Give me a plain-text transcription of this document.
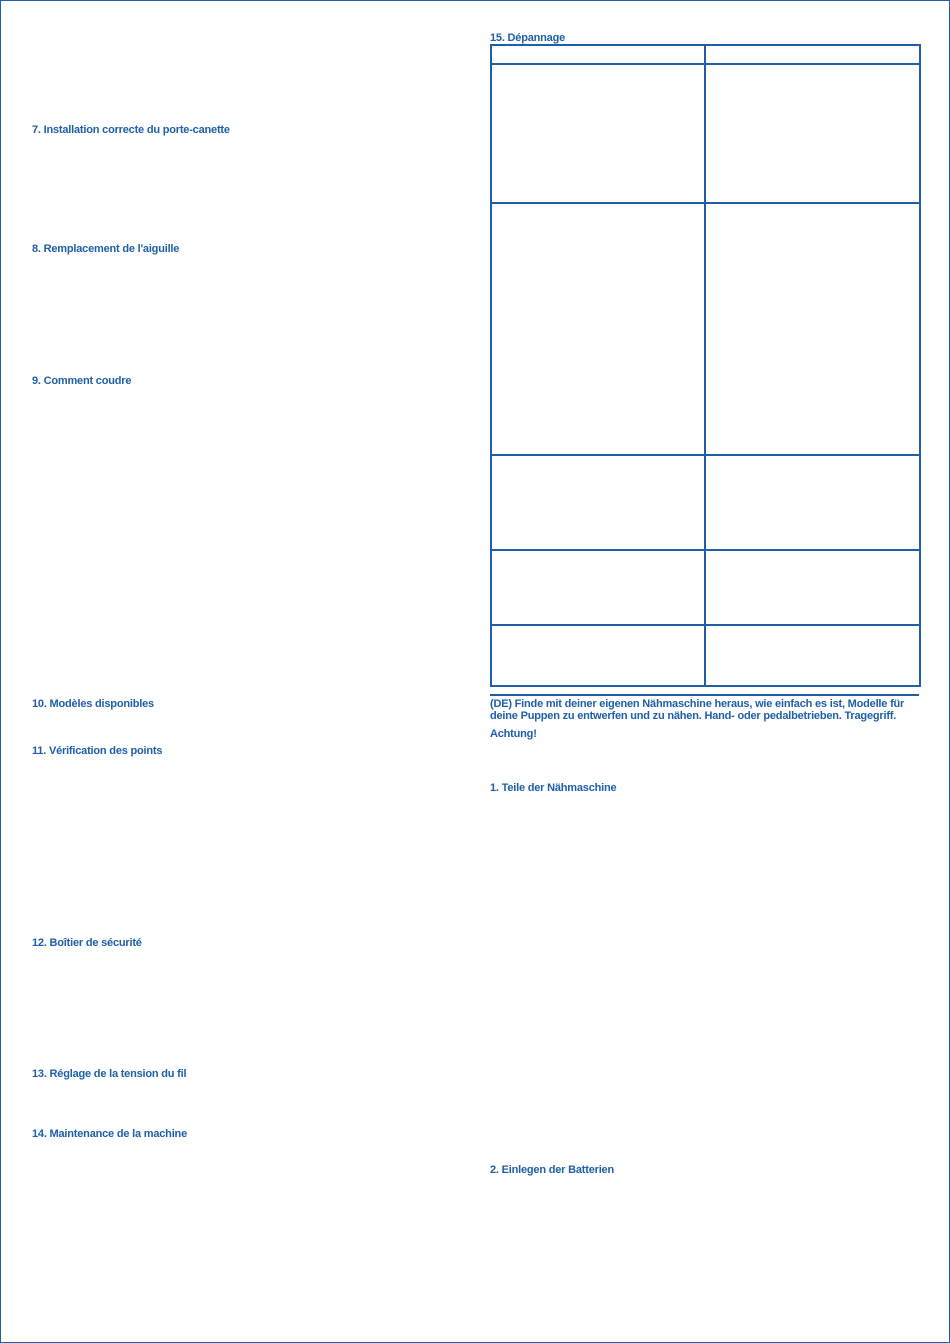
7. Installation correcte du porte-canette
8. Remplacement de l'aiguille
9. Comment coudre
10. Modèles disponibles
11. Vérification des points
12. Boîtier de sécurité
13. Réglage de la tension du fil
14. Maintenance de la machine
15. Dépannage

(DE) Finde mit deiner eigenen Nähmaschine heraus, wie einfach es ist, Modelle für deine Puppen zu entwerfen und zu nähen. Hand- oder pedalbetrieben. Tragegriff.
Achtung!
1. Teile der Nähmaschine
2. Einlegen der Batterien
